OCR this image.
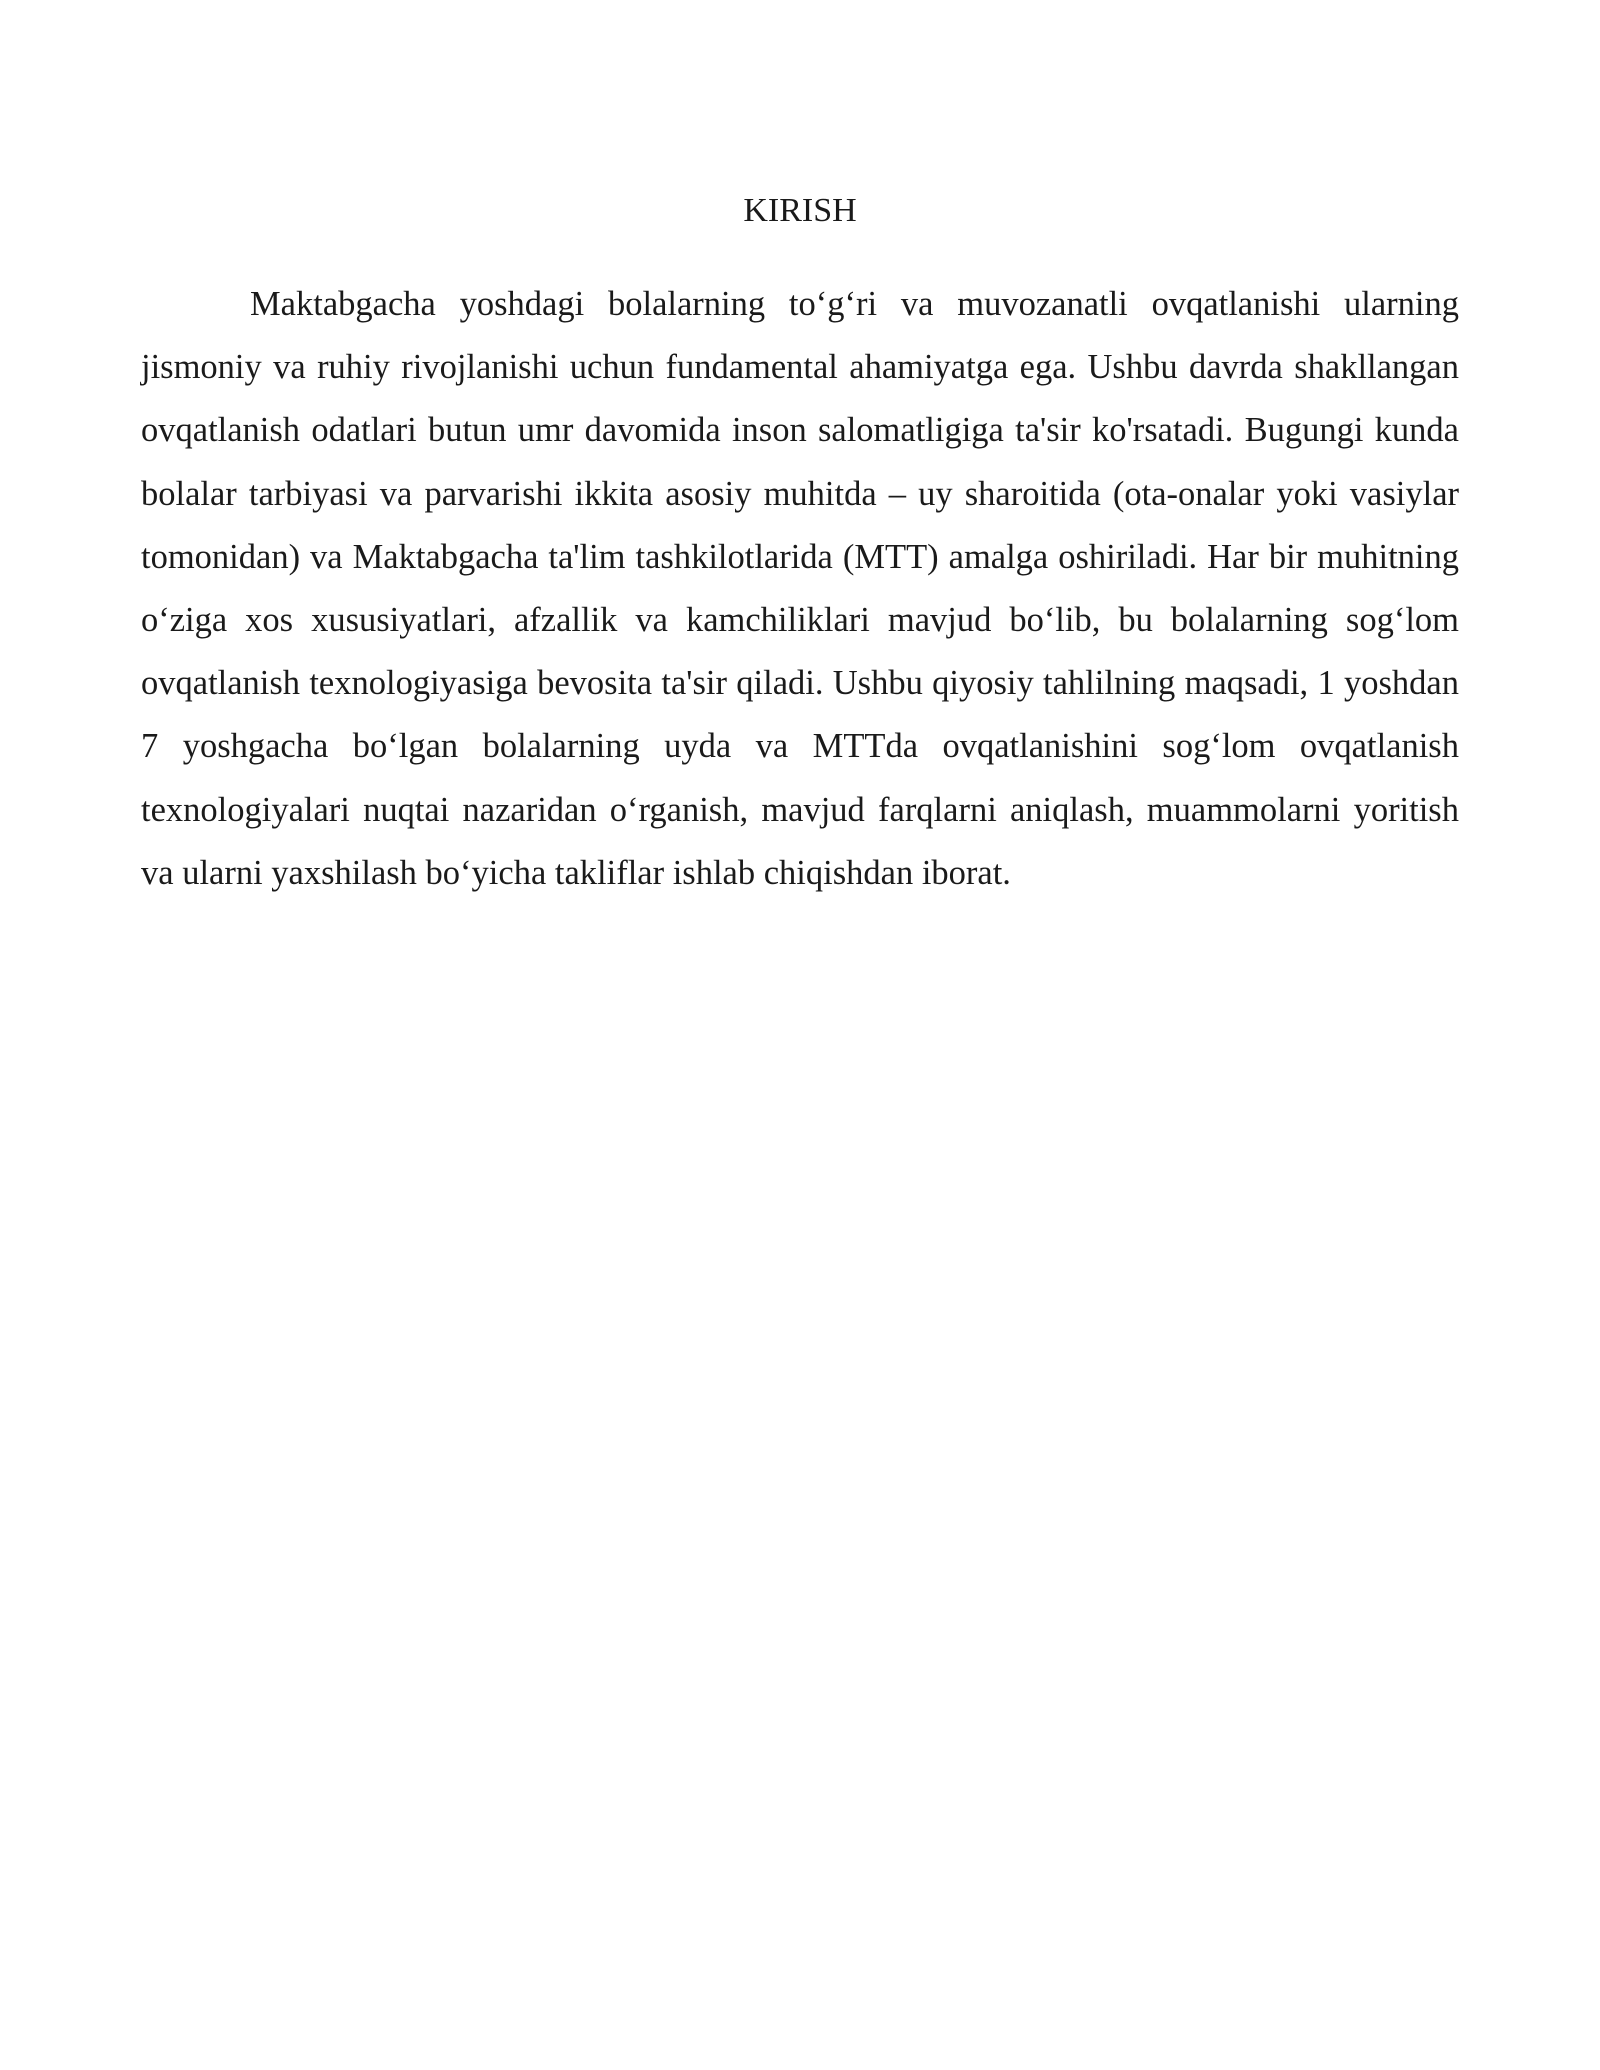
KIRISH

Maktabgacha yoshdagi bolalarning to‘g‘ri va muvozanatli ovqatlanishi ularning jismoniy va ruhiy rivojlanishi uchun fundamental ahamiyatga ega. Ushbu davrda shakllangan ovqatlanish odatlari butun umr davomida inson salomatligiga ta'sir ko'rsatadi. Bugungi kunda bolalar tarbiyasi va parvarishi ikkita asosiy muhitda – uy sharoitida (ota-onalar yoki vasiylar tomonidan) va Maktabgacha ta'lim tashkilotlarida (MTT) amalga oshiriladi. Har bir muhitning o‘ziga xos xususiyatlari, afzallik va kamchiliklari mavjud bo‘lib, bu bolalarning sog‘lom ovqatlanish texnologiyasiga bevosita ta'sir qiladi. Ushbu qiyosiy tahlilning maqsadi, 1 yoshdan 7 yoshgacha bo‘lgan bolalarning uyda va MTTda ovqatlanishini sog‘lom ovqatlanish texnologiyalari nuqtai nazaridan o‘rganish, mavjud farqlarni aniqlash, muammolarni yoritish va ularni yaxshilash bo‘yicha takliflar ishlab chiqishdan iborat.
